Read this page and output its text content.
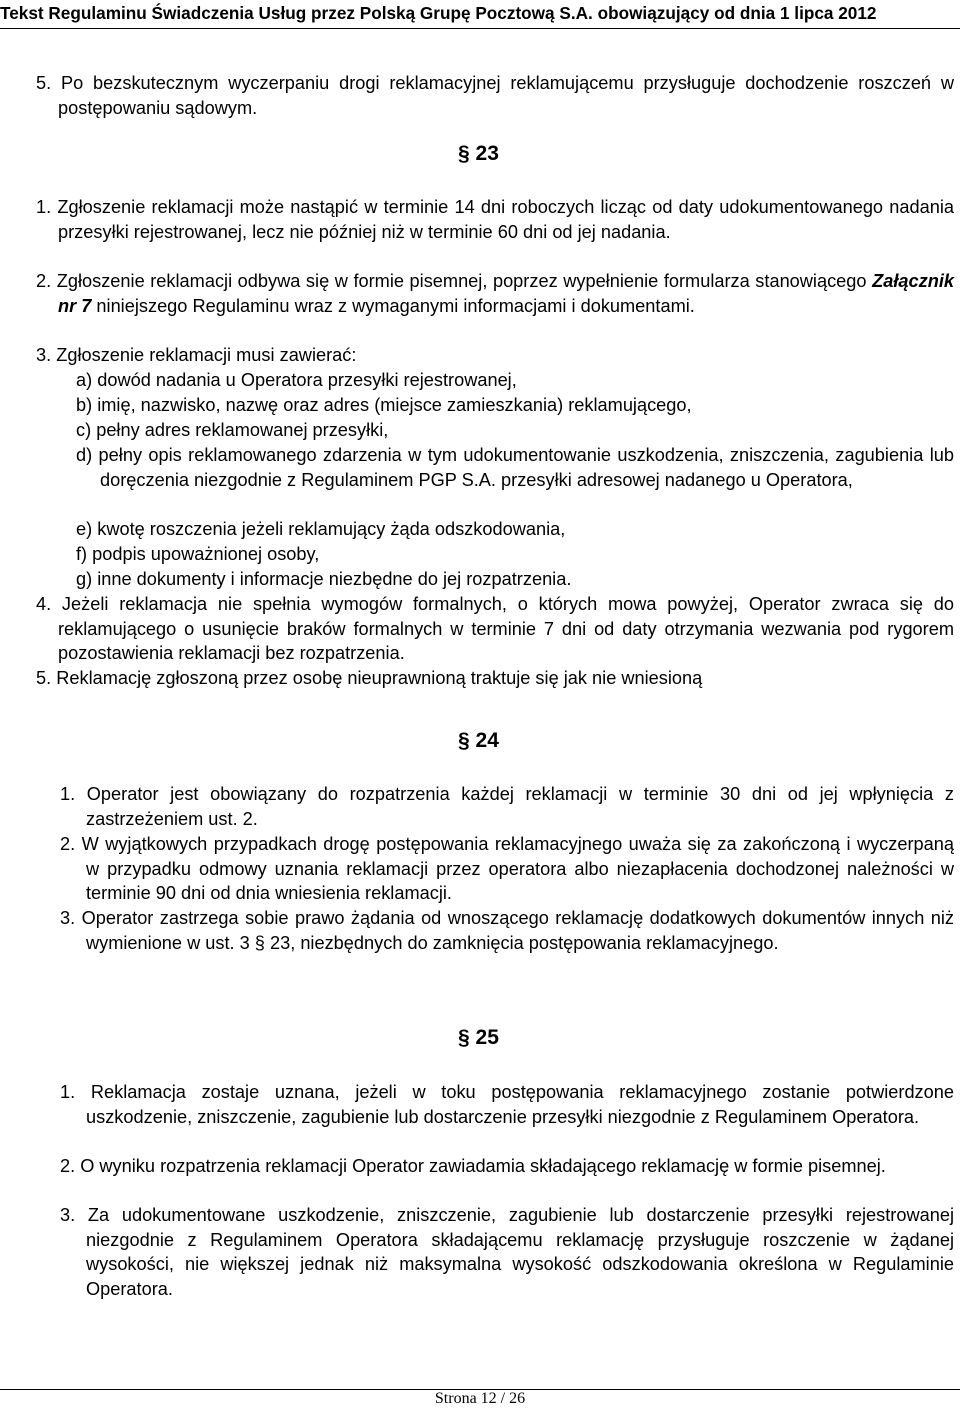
Tekst Regulaminu Świadczenia Usług przez Polską Grupę Pocztową S.A. obowiązujący od dnia 1 lipca 2012

5. Po bezskutecznym wyczerpaniu drogi reklamacyjnej reklamującemu przysługuje dochodzenie roszczeń w postępowaniu sądowym.

§ 23

1. Zgłoszenie reklamacji może nastąpić w terminie 14 dni roboczych licząc od daty udokumentowanego nadania przesyłki rejestrowanej, lecz nie później niż w terminie 60 dni od jej nadania.

2. Zgłoszenie reklamacji odbywa się w formie pisemnej, poprzez wypełnienie formularza stanowiącego Załącznik nr 7 niniejszego Regulaminu wraz z wymaganymi informacjami i dokumentami.

3. Zgłoszenie reklamacji musi zawierać:

a) dowód nadania u Operatora przesyłki rejestrowanej,

b) imię, nazwisko, nazwę oraz adres (miejsce zamieszkania) reklamującego,

c) pełny adres reklamowanej przesyłki,

d) pełny opis reklamowanego zdarzenia w tym udokumentowanie uszkodzenia, zniszczenia, zagubienia lub doręczenia niezgodnie z Regulaminem PGP S.A. przesyłki adresowej nadanego u Operatora,

e) kwotę roszczenia jeżeli reklamujący żąda odszkodowania,

f) podpis upoważnionej osoby,

g) inne dokumenty i informacje niezbędne do jej rozpatrzenia.

4. Jeżeli reklamacja nie spełnia wymogów formalnych, o których mowa powyżej, Operator zwraca się do reklamującego o usunięcie braków formalnych w terminie 7 dni od daty otrzymania wezwania pod rygorem pozostawienia reklamacji bez rozpatrzenia.

5. Reklamację zgłoszoną przez osobę nieuprawnioną traktuje się jak nie wniesioną

§ 24

1. Operator jest obowiązany do rozpatrzenia każdej reklamacji w terminie 30 dni od jej wpłynięcia z zastrzeżeniem ust. 2.

2. W wyjątkowych przypadkach drogę postępowania reklamacyjnego uważa się za zakończoną i wyczerpaną w przypadku odmowy uznania reklamacji przez operatora albo niezapłacenia dochodzonej należności w terminie 90 dni od dnia wniesienia reklamacji.

3. Operator zastrzega sobie prawo żądania od wnoszącego reklamację dodatkowych dokumentów innych niż wymienione w ust. 3 § 23, niezbędnych do zamknięcia postępowania reklamacyjnego.

§ 25

1. Reklamacja zostaje uznana, jeżeli w toku postępowania reklamacyjnego zostanie potwierdzone uszkodzenie, zniszczenie, zagubienie lub dostarczenie przesyłki niezgodnie z Regulaminem Operatora.

2. O wyniku rozpatrzenia reklamacji Operator zawiadamia składającego reklamację w formie pisemnej.

3. Za udokumentowane uszkodzenie, zniszczenie, zagubienie lub dostarczenie przesyłki rejestrowanej niezgodnie z Regulaminem Operatora składającemu reklamację przysługuje roszczenie w żądanej wysokości, nie większej jednak niż maksymalna wysokość odszkodowania określona w Regulaminie Operatora.

Strona 12 / 26
